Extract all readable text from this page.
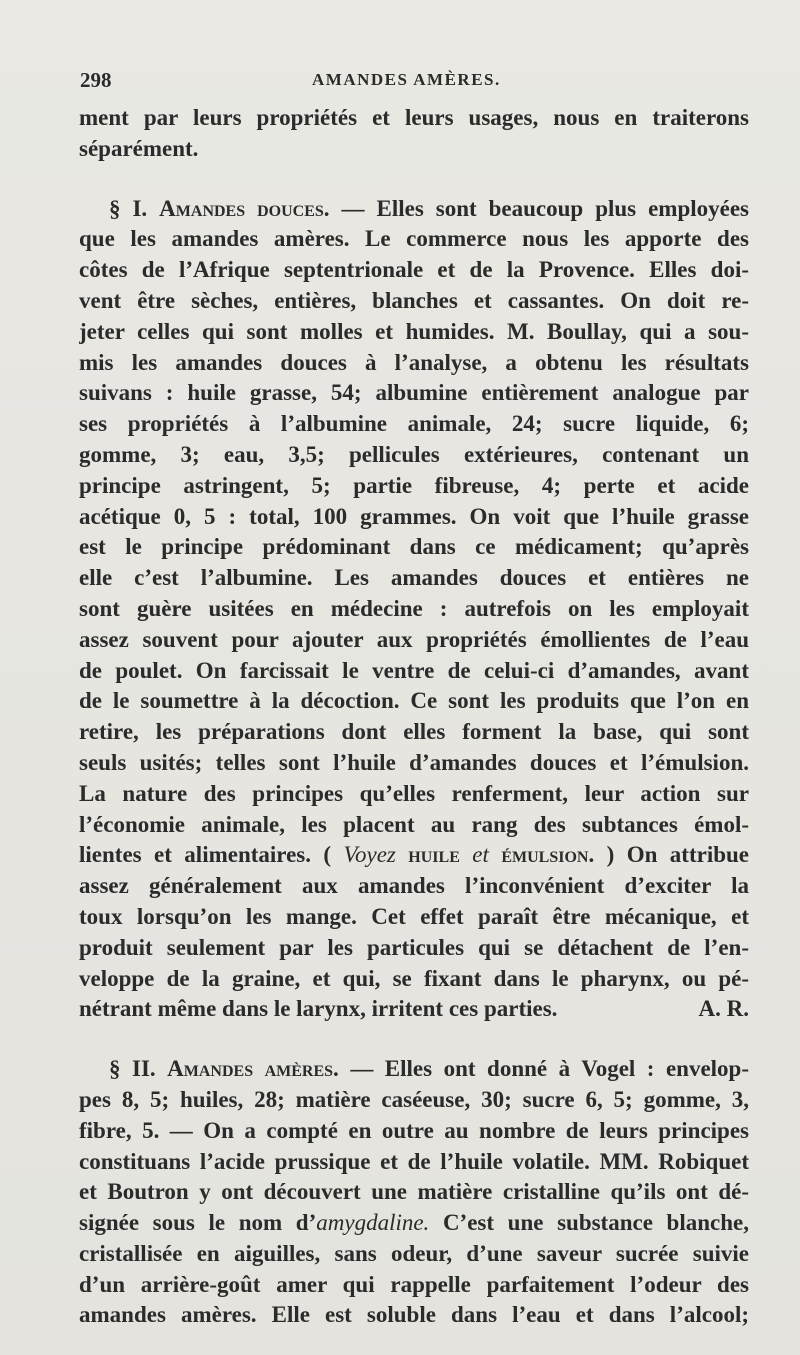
298	AMANDES AMÈRES.
ment par leurs propriétés et leurs usages, nous en traiterons
séparément.
§ I. Amandes douces. — Elles sont beaucoup plus employées
que les amandes amères. Le commerce nous les apporte des
côtes de l’Afrique septentrionale et de la Provence. Elles doi-
vent être sèches, entières, blanches et cassantes. On doit re-
jeter celles qui sont molles et humides. M. Boullay, qui a sou-
mis les amandes douces à l’analyse, a obtenu les résultats
suivans : huile grasse, 54; albumine entièrement analogue par
ses propriétés à l’albumine animale, 24; sucre liquide, 6;
gomme, 3; eau, 3,5; pellicules extérieures, contenant un
principe astringent, 5; partie fibreuse, 4; perte et acide
acétique 0, 5 : total, 100 grammes. On voit que l’huile grasse
est le principe prédominant dans ce médicament; qu’après
elle c’est l’albumine. Les amandes douces et entières ne
sont guère usitées en médecine : autrefois on les employait
assez souvent pour ajouter aux propriétés émollientes de l’eau
de poulet. On farcissait le ventre de celui-ci d’amandes, avant
de le soumettre à la décoction. Ce sont les produits que l’on en
retire, les préparations dont elles forment la base, qui sont
seuls usités; telles sont l’huile d’amandes douces et l’émulsion.
La nature des principes qu’elles renferment, leur action sur
l’économie animale, les placent au rang des subtances émol-
lientes et alimentaires. ( Voyez huile et émulsion. ) On attribue
assez généralement aux amandes l’inconvénient d’exciter la
toux lorsqu’on les mange. Cet effet paraît être mécanique, et
produit seulement par les particules qui se détachent de l’en-
veloppe de la graine, et qui, se fixant dans le pharynx, ou pé-
nétrant même dans le larynx, irritent ces parties.	A. R.
§ II. Amandes amères. — Elles ont donné à Vogel : envelop-
pes 8, 5; huiles, 28; matière caséeuse, 30; sucre 6, 5; gomme, 3,
fibre, 5. — On a compté en outre au nombre de leurs principes
constituans l’acide prussique et de l’huile volatile. MM. Robiquet
et Boutron y ont découvert une matière cristalline qu’ils ont dé-
signée sous le nom d’amygdaline. C’est une substance blanche,
cristallisée en aiguilles, sans odeur, d’une saveur sucrée suivie
d’un arrière-goût amer qui rappelle parfaitement l’odeur des
amandes amères. Elle est soluble dans l’eau et dans l’alcool;
